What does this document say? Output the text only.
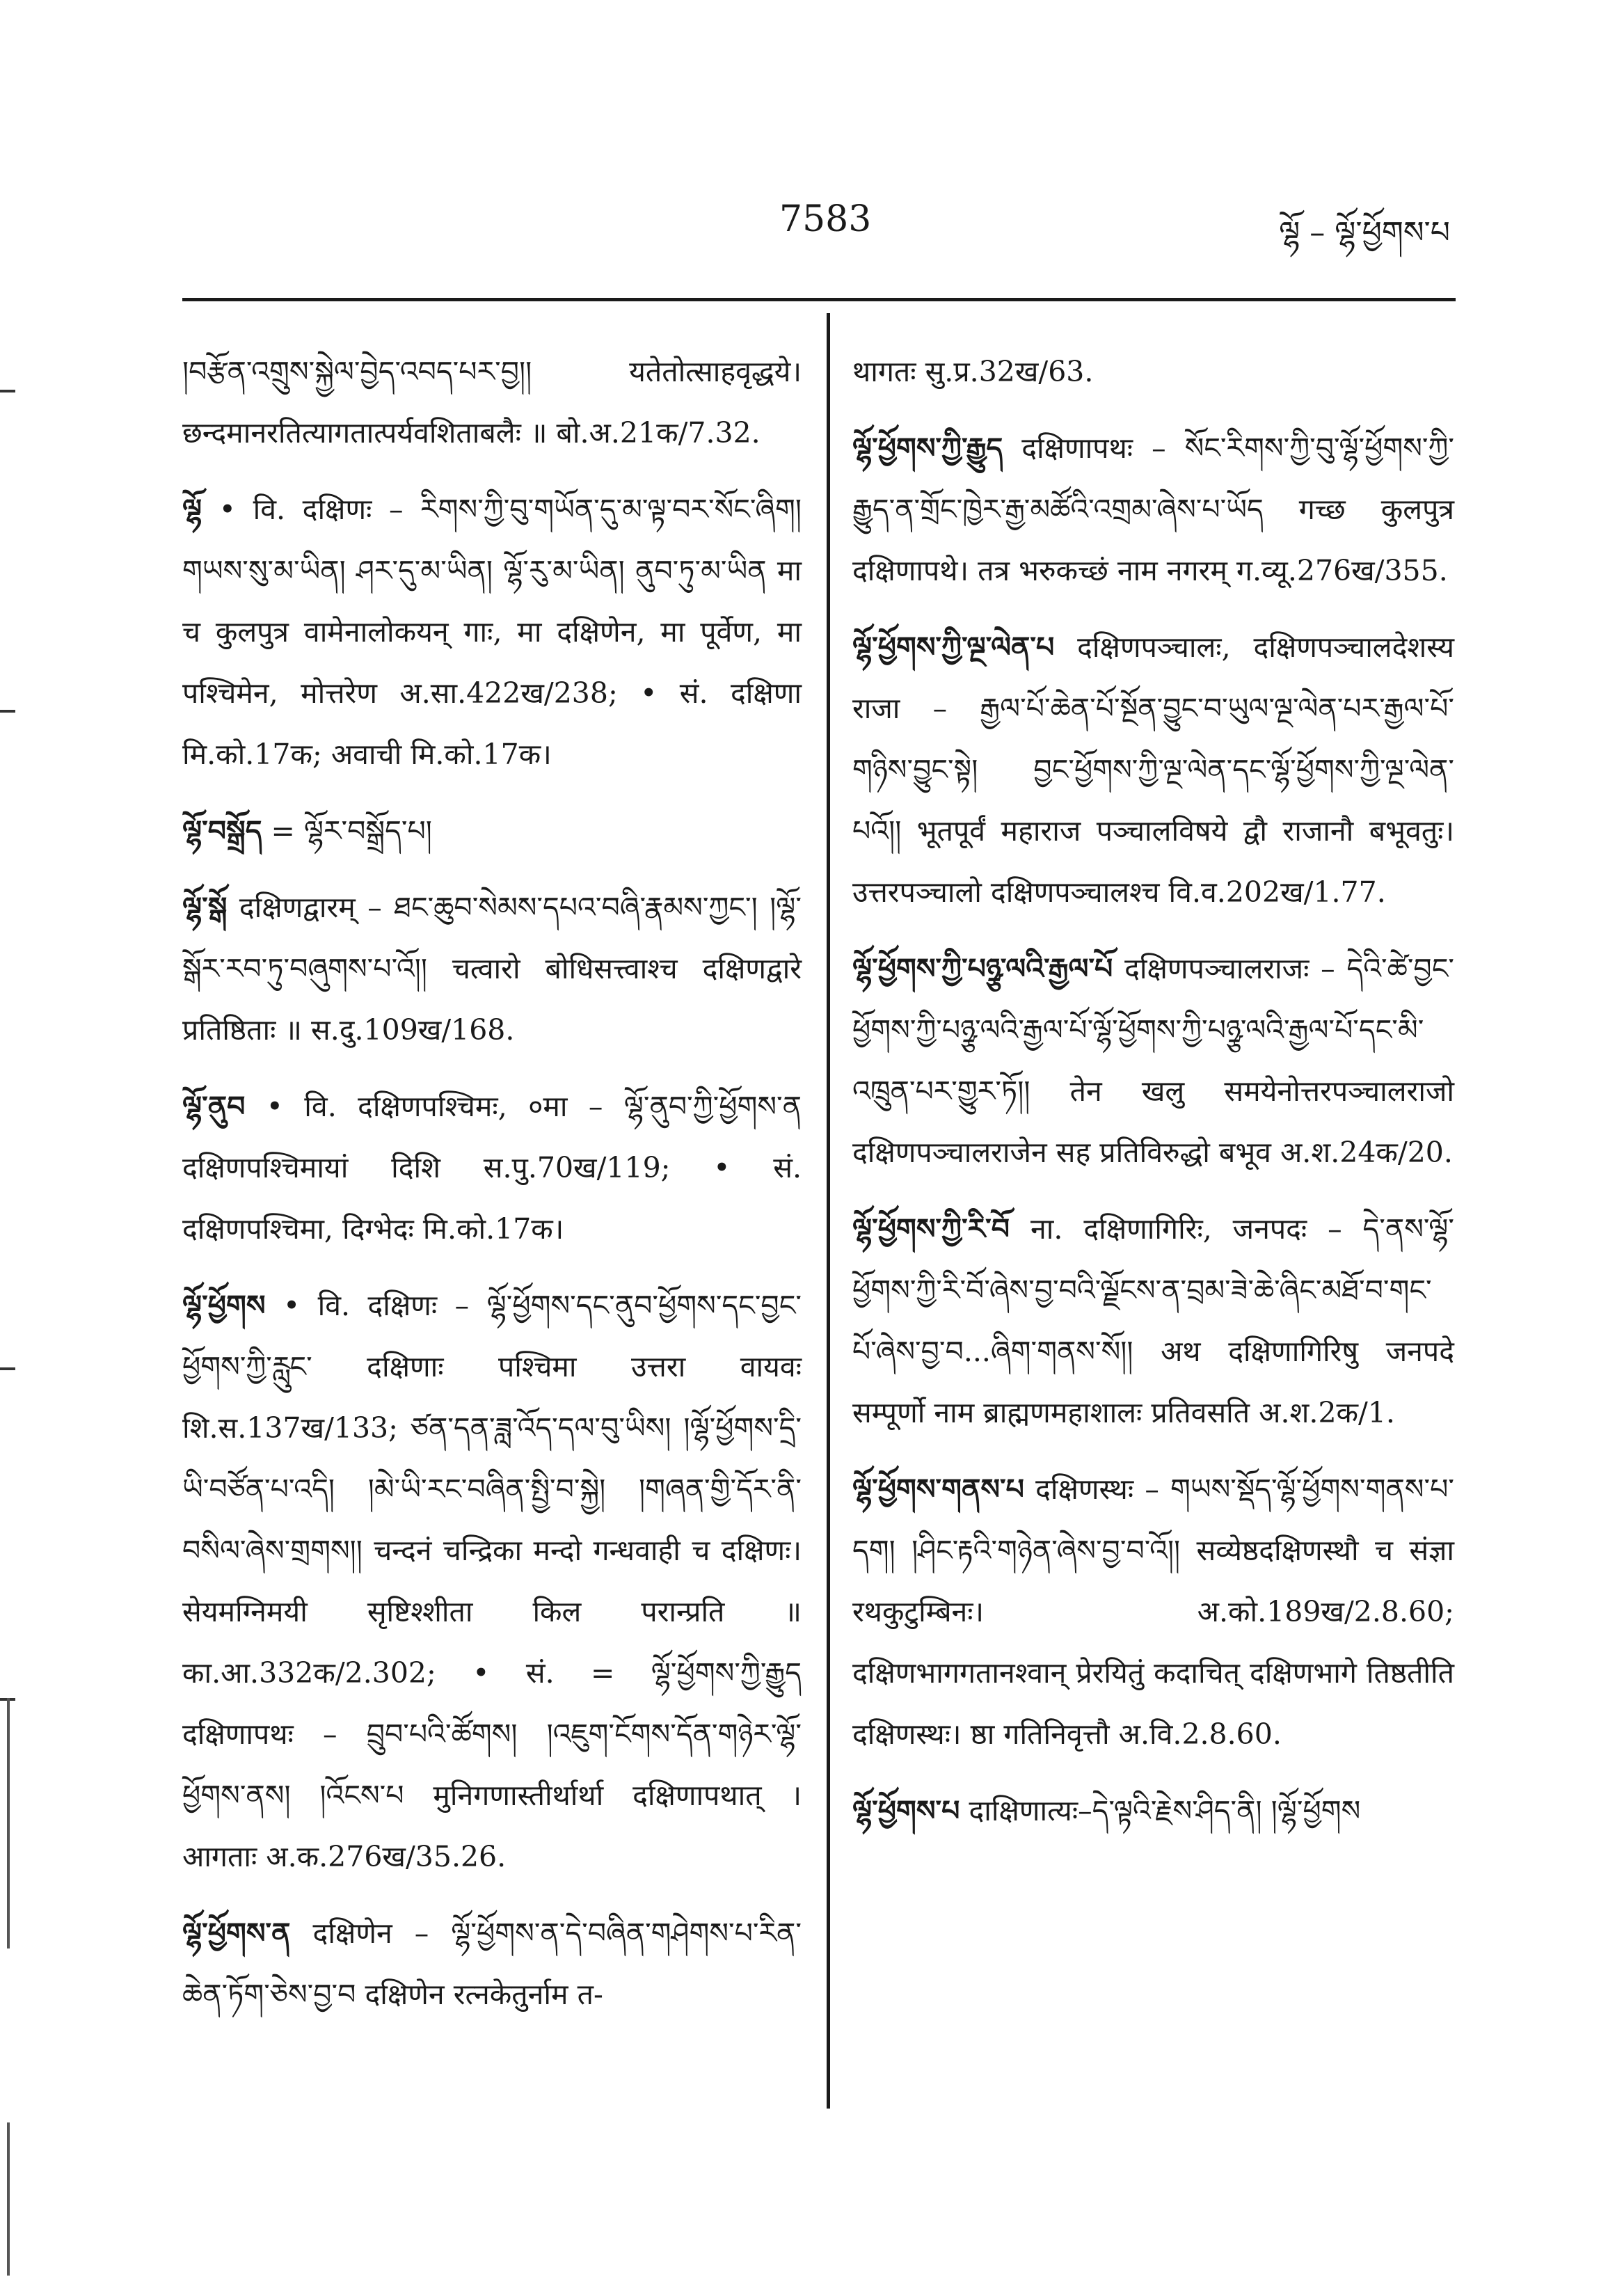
7583	ལྷོ – ལྷོ་ཕྱོགས་པ
།བརྩོན་འགྲུས་སྐྱེལ་བྱེད་འབད་པར་བྱ།། यतेतोत्साहवृद्धये। छन्दमानरतित्यागतात्पर्यवशिताबलैः ॥ बो.अ.21क/7.32.
ལྷོ • वि. दक्षिणः – རིགས་ཀྱི་བུ་གཡོན་དུ་མ་ལྟ་བར་སོང་ཞིག། གཡས་སུ་མ་ཡིན། ཤར་དུ་མ་ཡིན། ལྷོ་རུ་མ་ཡིན། ནུབ་ཏུ་མ་ཡིན मा च कुलपुत्र वामेनालोकयन् गाः, मा दक्षिणेन, मा पूर्वेण, मा पश्चिमेन, मोत्तरेण अ.सा.422ख/238; • सं. दक्षिणा मि.को.17क; अवाची मि.को.17क।
ལྷོ་བསྒྲོད = ལྷོར་བསྒྲོད་པ།
ལྷོ་སྒོ दक्षिणद्वारम् – ཐང་ཆུབ་སེམས་དཔའ་བཞི་རྣམས་ཀྱང་། །ལྷོ་སྒོར་རབ་ཏུ་བཞུགས་པ་འོ།། चत्वारो बोधिसत्त्वाश्च दक्षिणद्वारे प्रतिष्ठिताः ॥ स.दु.109ख/168.
ལྷོ་ནུབ • वि. दक्षिणपश्चिमः, ०मा – ལྷོ་ནུབ་ཀྱི་ཕྱོགས་ན दक्षिणपश्चिमायां दिशि स.पु.70ख/119; • सं. दक्षिणपश्चिमा, दिग्भेदः मि.को.17क।
ལྷོ་ཕྱོགས • वि. दक्षिणः – ལྷོ་ཕྱོགས་དང་ནུབ་ཕྱོགས་དང་བྱང་ཕྱོགས་ཀྱི་རླུང་ दक्षिणाः पश्चिमा उत्तरा वायवः शि.स.137ख/133; ཙན་དན་ཟླ་འོད་དལ་བུ་ཡིས། །ལྷོ་ཕྱོགས་དྲི་ཡི་བཙོན་པ་འདི། །མེ་ཡི་རང་བཞིན་སྤྱི་བ་སྐྱེ། །གཞན་གྱི་དོར་ནི་བསིལ་ཞེས་གྲགས།། चन्दनं चन्द्रिका मन्दो गन्धवाही च दक्षिणः। सेयमग्निमयी सृष्टिश्शीता किल परान्प्रति ॥ का.आ.332क/2.302; • सं. = ལྷོ་ཕྱོགས་ཀྱི་རྒྱུད दक्षिणापथः – བྲུབ་པའི་ཚོགས། །འཇུག་ངོགས་དོན་གཉེར་ལྷོ་ཕྱོགས་ནས། །འོངས་པ मुनिगणास्तीर्थार्था दक्षिणापथात् । आगताः अ.क.276ख/35.26.
ལྷོ་ཕྱོགས་ན दक्षिणेन – ལྷོ་ཕྱོགས་ན་དེ་བཞིན་གཤེགས་པ་རིན་ཆེན་ཏོག་ཅེས་བྱ་བ दक्षिणेन रत्नकेतुर्नाम त-
थागतः सु.प्र.32ख/63.
ལྷོ་ཕྱོགས་ཀྱི་རྒྱུད दक्षिणापथः – སོང་རིགས་ཀྱི་བུ་ལྷོ་ཕྱོགས་ཀྱི་རྒྱུད་ན་གྲོང་ཁྱེར་རྒྱ་མཚོའི་འགྲམ་ཞེས་པ་ཡོད गच्छ कुलपुत्र दक्षिणापथे। तत्र भरुकच्छं नाम नगरम् ग.व्यू.276ख/355.
ལྷོ་ཕྱོགས་ཀྱི་ལྔ་ལེན་པ दक्षिणपञ्चालः, दक्षिणपञ्चालदेशस्य राजा – རྒྱལ་པོ་ཆེན་པོ་སྔོན་བྱུང་བ་ཡུལ་ལྔ་ལེན་པར་རྒྱལ་པོ་གཉིས་བྱུང་སྟེ། བྱང་ཕྱོགས་ཀྱི་ལྔ་ལེན་དང་ལྷོ་ཕྱོགས་ཀྱི་ལྔ་ལེན་པའོ།། भूतपूर्वं महाराज पञ्चालविषये द्वौ राजानौ बभूवतुः। उत्तरपञ्चालो दक्षिणपञ्चालश्च वि.व.202ख/1.77.
ལྷོ་ཕྱོགས་ཀྱི་པཉྩ་ལའི་རྒྱལ་པོ दक्षिणपञ्चालराजः – དེའི་ཚེ་བྱང་ཕྱོགས་ཀྱི་པཉྩ་ལའི་རྒྱལ་པོ་ལྷོ་ཕྱོགས་ཀྱི་པཉྩ་ལའི་རྒྱལ་པོ་དང་མི་འཁྲུན་པར་གྱུར་ཏོ།། तेन खलु समयेनोत्तरपञ्चालराजो दक्षिणपञ्चालराजेन सह प्रतिविरुद्धो बभूव अ.श.24क/20.
ལྷོ་ཕྱོགས་ཀྱི་རི་བོ ना. दक्षिणागिरिः, जनपदः – དེ་ནས་ལྷོ་ཕྱོགས་ཀྱི་རི་བོ་ཞེས་བྱ་བའི་ལྗོངས་ན་བྲམ་ཟེ་ཆེ་ཞིང་མཐོ་བ་གང་པོ་ཞེས་བྱ་བ...ཞིག་གནས་སོ།། अथ दक्षिणागिरिषु जनपदे सम्पूर्णो नाम ब्राह्मणमहाशालः प्रतिवसति अ.श.2क/1.
ལྷོ་ཕྱོགས་གནས་པ दक्षिणस्थः – གཡས་སྡོད་ལྷོ་ཕྱོགས་གནས་པ་དག། །ཤིང་རྟའི་གཉེན་ཞེས་བྱ་བ་འོ།། सव्येष्ठदक्षिणस्थौ च संज्ञा रथकुटुम्बिनः। अ.को.189ख/2.8.60; दक्षिणभागगतानश्वान् प्रेरयितुं कदाचित् दक्षिणभागे तिष्ठतीति दक्षिणस्थः। ष्ठा गतिनिवृत्तौ अ.वि.2.8.60.
ལྷོ་ཕྱོགས་པ दाक्षिणात्यः–དེ་ལྟའི་རྗེས་ཤིད་ནི། །ལྷོ་ཕྱོགས
